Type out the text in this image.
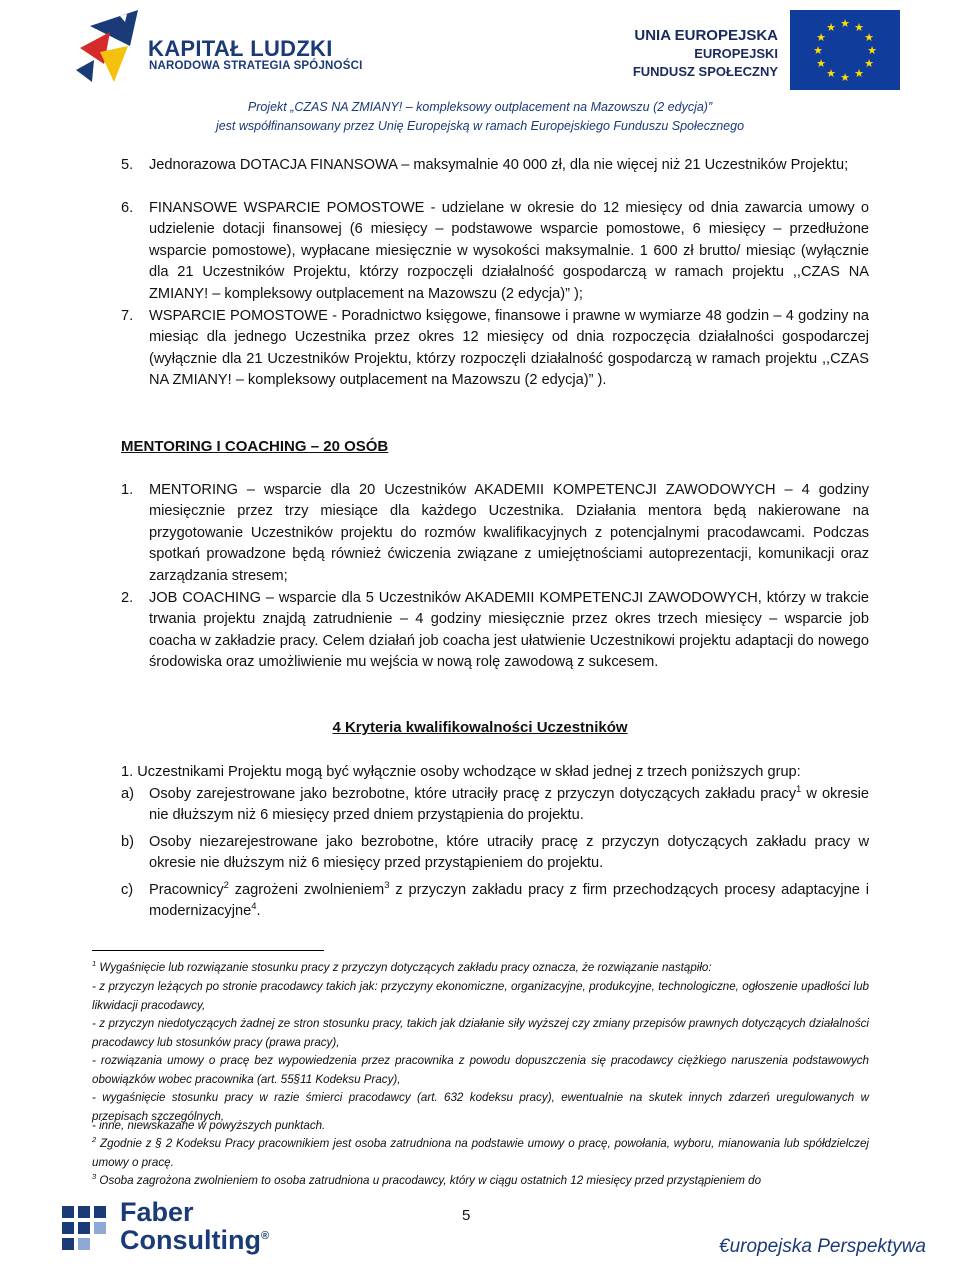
KAPITAŁ LUDZKI
NARODOWA STRATEGIA SPÓJNOŚCI
UNIA EUROPEJSKA
EUROPEJSKI
FUNDUSZ SPOŁECZNY
★ ★
★
★
★
★
★
★
★
★
★
★
Projekt „CZAS NA ZMIANY! – kompleksowy outplacement na Mazowszu (2 edycja)”
jest współfinansowany przez Unię Europejską w ramach Europejskiego Funduszu Społecznego
5.	Jednorazowa DOTACJA FINANSOWA – maksymalnie 40 000 zł, dla nie więcej niż 21 Uczestników Projektu;
6.	FINANSOWE WSPARCIE POMOSTOWE - udzielane w okresie do 12 miesięcy od dnia zawarcia umowy o udzielenie dotacji finansowej (6 miesięcy – podstawowe wsparcie pomostowe, 6 miesięcy – przedłużone wsparcie pomostowe), wypłacane miesięcznie w wysokości maksymalnie. 1 600 zł brutto/ miesiąc (wyłącznie dla 21 Uczestników Projektu, którzy rozpoczęli działalność gospodarczą w ramach projektu ,,CZAS NA ZMIANY! – kompleksowy outplacement na Mazowszu (2 edycja)” );
7.	WSPARCIE POMOSTOWE - Poradnictwo księgowe, finansowe i prawne w wymiarze 48 godzin – 4 godziny na miesiąc dla jednego Uczestnika przez okres 12 miesięcy od dnia rozpoczęcia działalności gospodarczej (wyłącznie dla 21 Uczestników Projektu, którzy rozpoczęli działalność gospodarczą w ramach projektu ,,CZAS NA ZMIANY! – kompleksowy outplacement na Mazowszu (2 edycja)” ).
MENTORING I COACHING – 20 OSÓB
1.	MENTORING – wsparcie dla 20 Uczestników AKADEMII KOMPETENCJI ZAWODOWYCH – 4 godziny miesięcznie przez trzy miesiące dla każdego Uczestnika. Działania mentora będą nakierowane na przygotowanie Uczestników projektu do rozmów kwalifikacyjnych z potencjalnymi pracodawcami. Podczas spotkań prowadzone będą również ćwiczenia związane z umiejętnościami autoprezentacji, komunikacji oraz zarządzania stresem;
2.	JOB COACHING – wsparcie dla 5 Uczestników AKADEMII KOMPETENCJI ZAWODOWYCH, którzy w trakcie trwania projektu znajdą zatrudnienie – 4 godziny miesięcznie przez okres trzech miesięcy – wsparcie job coacha w zakładzie pracy. Celem działań job coacha jest ułatwienie Uczestnikowi projektu adaptacji do nowego środowiska oraz umożliwienie mu wejścia w nową rolę zawodową z sukcesem.
4 Kryteria kwalifikowalności Uczestników
1. Uczestnikami Projektu mogą być wyłącznie osoby wchodzące w skład jednej z trzech poniższych grup:
a)	Osoby zarejestrowane jako bezrobotne, które utraciły pracę z przyczyn dotyczących zakładu pracy$^1$ w okresie nie dłuższym niż 6 miesięcy przed dniem przystąpienia do projektu.
b)	Osoby niezarejestrowane jako bezrobotne, które utraciły pracę z przyczyn dotyczących zakładu pracy w okresie nie dłuższym niż 6 miesięcy przed przystąpieniem do projektu.
c)	Pracownicy$^2$ zagrożeni zwolnieniem$^3$ z przyczyn zakładu pracy z firm przechodzących procesy adaptacyjne i modernizacyjne$^4$.
$^1$ Wygaśnięcie lub rozwiązanie stosunku pracy z przyczyn dotyczących zakładu pracy oznacza, że rozwiązanie nastąpiło:
- z przyczyn leżących po stronie pracodawcy takich jak: przyczyny ekonomiczne, organizacyjne, produkcyjne, technologiczne, ogłoszenie upadłości lub likwidacji pracodawcy,
- z przyczyn niedotyczących żadnej ze stron stosunku pracy, takich jak działanie siły wyższej czy zmiany przepisów prawnych dotyczących działalności pracodawcy lub stosunków pracy (prawa pracy),
- rozwiązania umowy o pracę bez wypowiedzenia przez pracownika z powodu dopuszczenia się pracodawcy ciężkiego naruszenia podstawowych obowiązków wobec pracownika (art. 55§11 Kodeksu Pracy),
- wygaśnięcie stosunku pracy w razie śmierci pracodawcy (art. 632 kodeksu pracy), ewentualnie na skutek innych zdarzeń uregulowanych w przepisach szczególnych,
- inne, niewskazane w powyższych punktach.
$^2$ Zgodnie z § 2 Kodeksu Pracy pracownikiem jest osoba zatrudniona na podstawie umowy o pracę, powołania, wyboru, mianowania lub spółdzielczej umowy o pracę.
$^3$ Osoba zagrożona zwolnieniem to osoba zatrudniona u pracodawcy, który w ciągu ostatnich 12 miesięcy przed przystąpieniem do
Faber
Consulting®
5
€uropejska Perspektywa
